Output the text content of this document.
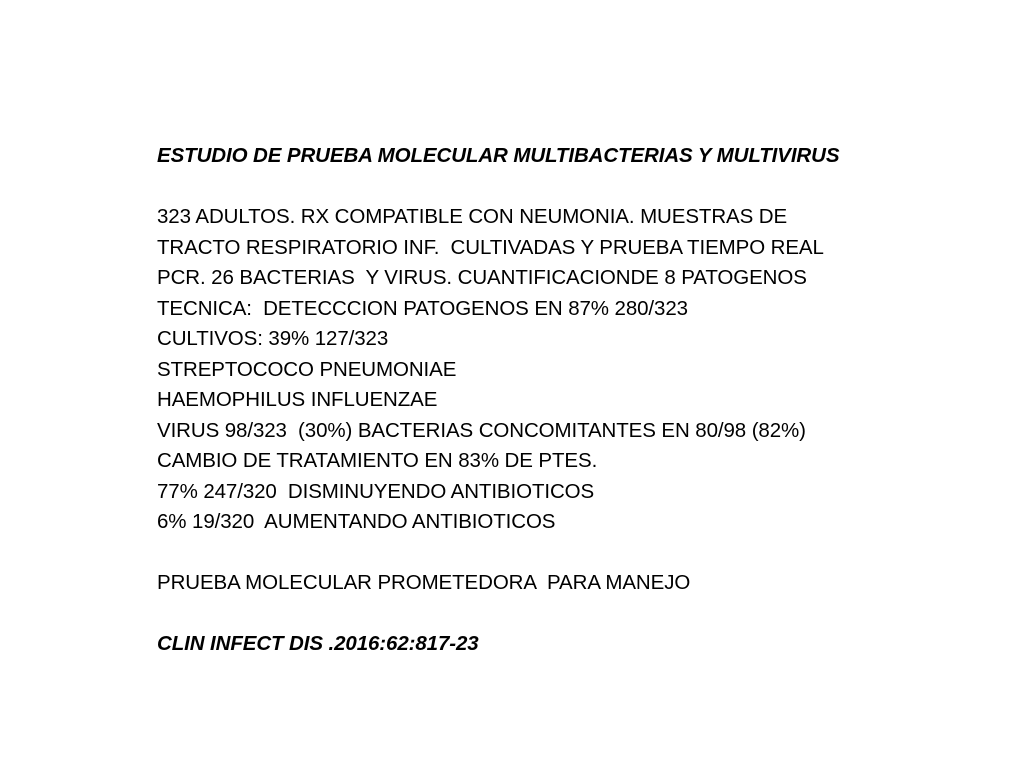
ESTUDIO DE PRUEBA MOLECULAR MULTIBACTERIAS Y MULTIVIRUS
323 ADULTOS. RX COMPATIBLE CON NEUMONIA. MUESTRAS DE
TRACTO RESPIRATORIO INF.  CULTIVADAS Y PRUEBA TIEMPO REAL
PCR. 26 BACTERIAS  Y VIRUS. CUANTIFICACIONDE 8 PATOGENOS
TECNICA:  DETECCCION PATOGENOS EN 87% 280/323
CULTIVOS: 39% 127/323
STREPTOCOCO PNEUMONIAE
HAEMOPHILUS INFLUENZAE
VIRUS 98/323  (30%) BACTERIAS CONCOMITANTES EN 80/98 (82%)
CAMBIO DE TRATAMIENTO EN 83% DE PTES.
77% 247/320  DISMINUYENDO ANTIBIOTICOS
6% 19/320  AUMENTANDO ANTIBIOTICOS
PRUEBA MOLECULAR PROMETEDORA  PARA MANEJO
CLIN INFECT DIS .2016:62:817-23
